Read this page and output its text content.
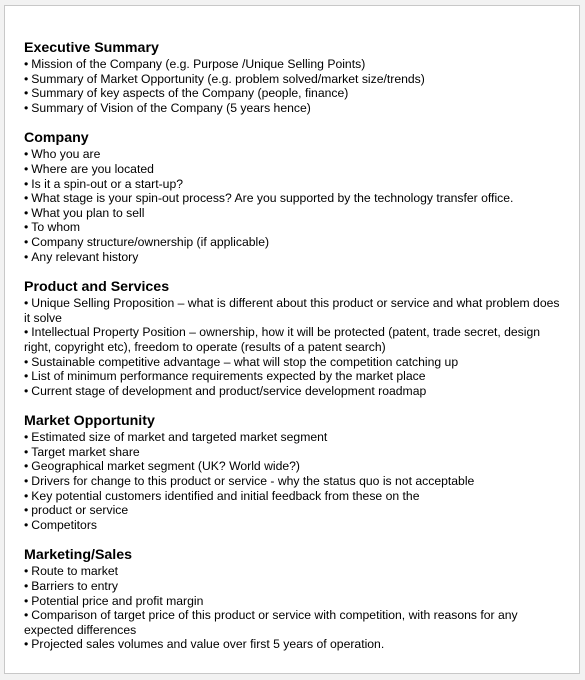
Executive Summary
• Mission of the Company (e.g. Purpose /Unique Selling Points)
• Summary of Market Opportunity (e.g. problem solved/market size/trends)
• Summary of key aspects of the Company (people, finance)
• Summary of Vision of the Company (5 years hence)
Company
• Who you are
• Where are you located
• Is it a spin-out or a start-up?
• What stage is your spin-out process? Are you supported by the technology transfer office.
• What you plan to sell
• To whom
• Company structure/ownership (if applicable)
• Any relevant history
Product and Services
• Unique Selling Proposition – what is different about this product or service and what problem does it solve
• Intellectual Property Position – ownership, how it will be protected (patent, trade secret, design right, copyright etc), freedom to operate (results of a patent search)
• Sustainable competitive advantage – what will stop the competition catching up
• List of minimum performance requirements expected by the market place
• Current stage of development and product/service development roadmap
Market Opportunity
• Estimated size of market and targeted market segment
• Target market share
• Geographical market segment (UK? World wide?)
• Drivers for change to this product or service - why the status quo is not acceptable
• Key potential customers identified and initial feedback from these on the
• product or service
• Competitors
Marketing/Sales
• Route to market
• Barriers to entry
• Potential price and profit margin
• Comparison of target price of this product or service with competition, with reasons for any expected differences
• Projected sales volumes and value over first 5 years of operation.
